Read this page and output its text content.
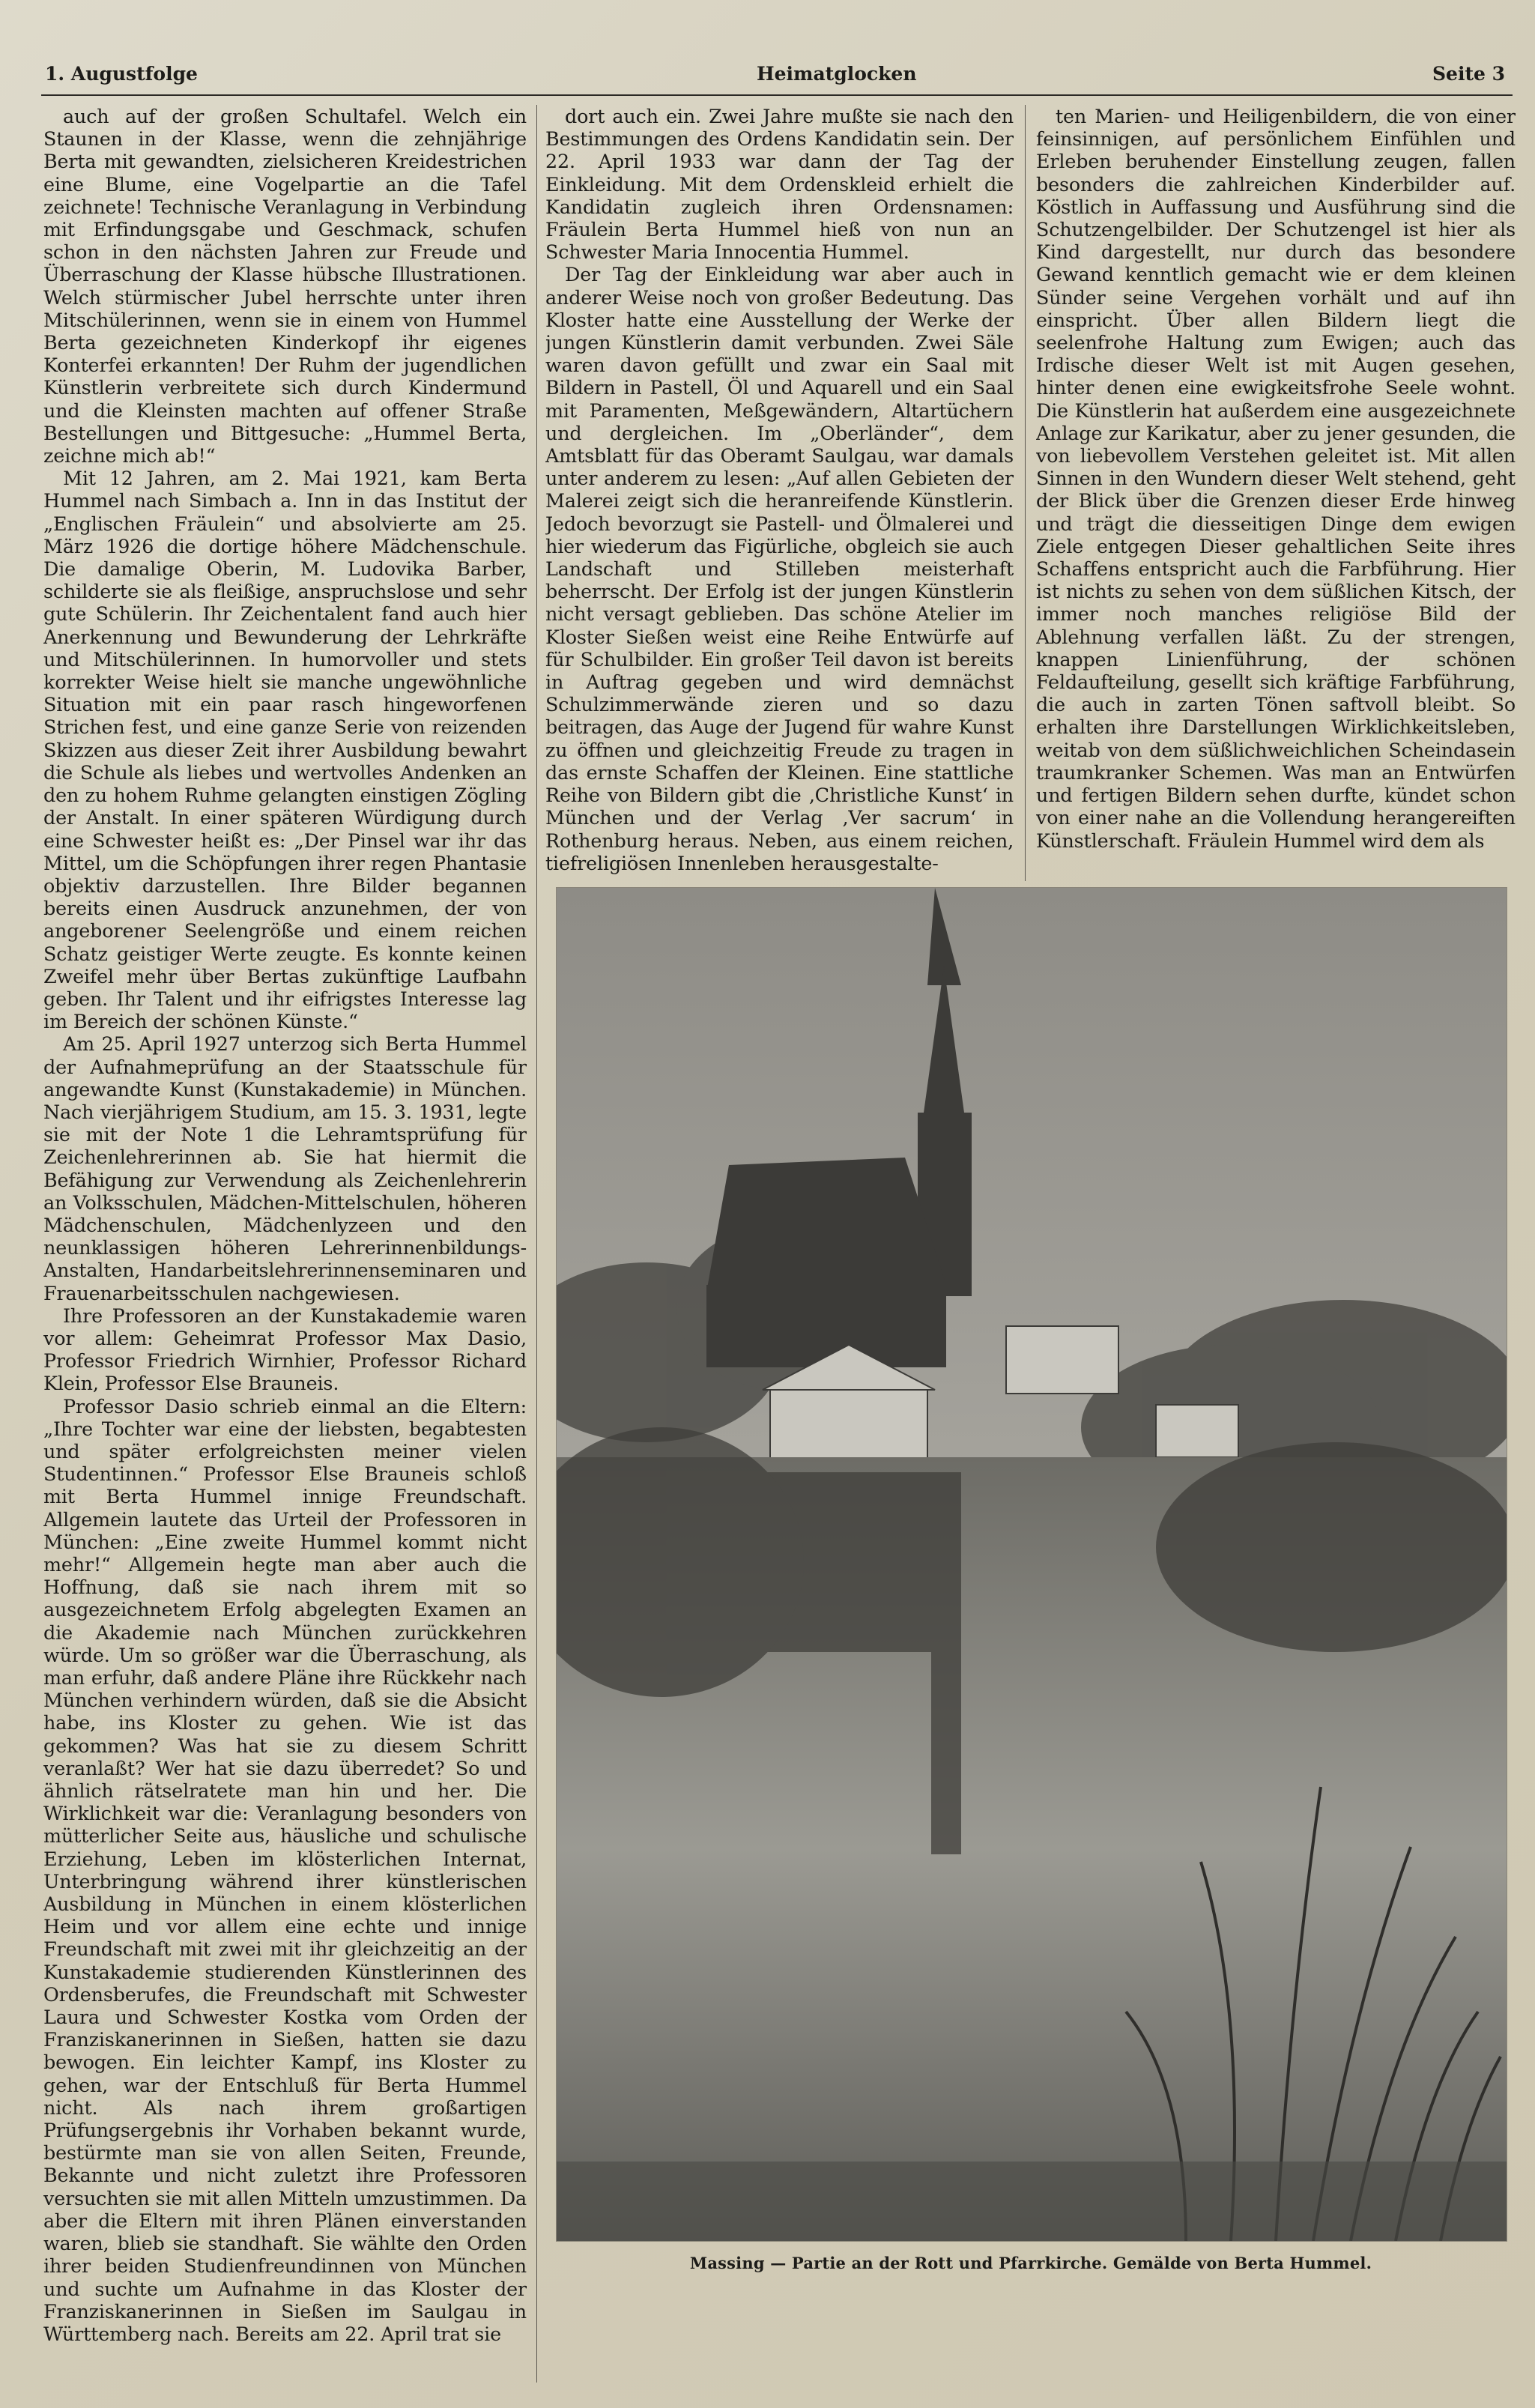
1. Augustfolge	Heimatglocken	Seite 3

auch auf der großen Schultafel. Welch ein Staunen in der Klasse, wenn die zehnjährige Berta mit gewandten, zielsicheren Kreidestrichen eine Blume, eine Vogelpartie an die Tafel zeichnete! Technische Veranlagung in Verbindung mit Erfindungsgabe und Geschmack, schufen schon in den nächsten Jahren zur Freude und Überraschung der Klasse hübsche Illustrationen. Welch stürmischer Jubel herrschte unter ihren Mitschülerinnen, wenn sie in einem von Hummel Berta gezeichneten Kinderkopf ihr eigenes Konterfei erkannten! Der Ruhm der jugendlichen Künstlerin verbreitete sich durch Kindermund und die Kleinsten machten auf offener Straße Bestellungen und Bittgesuche: „Hummel Berta, zeichne mich ab!“

Mit 12 Jahren, am 2. Mai 1921, kam Berta Hummel nach Simbach a. Inn in das Institut der „Englischen Fräulein“ und absolvierte am 25. März 1926 die dortige höhere Mädchenschule. Die damalige Oberin, M. Ludovika Barber, schilderte sie als fleißige, anspruchslose und sehr gute Schülerin. Ihr Zeichentalent fand auch hier Anerkennung und Bewunderung der Lehrkräfte und Mitschülerinnen. In humorvoller und stets korrekter Weise hielt sie manche ungewöhnliche Situation mit ein paar rasch hingeworfenen Strichen fest, und eine ganze Serie von reizenden Skizzen aus dieser Zeit ihrer Ausbildung bewahrt die Schule als liebes und wertvolles Andenken an den zu hohem Ruhme gelangten einstigen Zögling der Anstalt. In einer späteren Würdigung durch eine Schwester heißt es: „Der Pinsel war ihr das Mittel, um die Schöpfungen ihrer regen Phantasie objektiv darzustellen. Ihre Bilder begannen bereits einen Ausdruck anzunehmen, der von angeborener Seelengröße und einem reichen Schatz geistiger Werte zeugte. Es konnte keinen Zweifel mehr über Bertas zukünftige Laufbahn geben. Ihr Talent und ihr eifrigstes Interesse lag im Bereich der schönen Künste.“

Am 25. April 1927 unterzog sich Berta Hummel der Aufnahmeprüfung an der Staatsschule für angewandte Kunst (Kunstakademie) in München. Nach vierjährigem Studium, am 15. 3. 1931, legte sie mit der Note 1 die Lehramtsprüfung für Zeichenlehrerinnen ab. Sie hat hiermit die Befähigung zur Verwendung als Zeichenlehrerin an Volksschulen, Mädchen-Mittelschulen, höheren Mädchenschulen, Mädchenlyzeen und den neunklassigen höheren Lehrerinnenbildungs-Anstalten, Handarbeitslehrerinnenseminaren und Frauenarbeitsschulen nachgewiesen.

Ihre Professoren an der Kunstakademie waren vor allem: Geheimrat Professor Max Dasio, Professor Friedrich Wirnhier, Professor Richard Klein, Professor Else Brauneis.

Professor Dasio schrieb einmal an die Eltern: „Ihre Tochter war eine der liebsten, begabtesten und später erfolgreichsten meiner vielen Studentinnen.“ Professor Else Brauneis schloß mit Berta Hummel innige Freundschaft. Allgemein lautete das Urteil der Professoren in München: „Eine zweite Hummel kommt nicht mehr!“ Allgemein hegte man aber auch die Hoffnung, daß sie nach ihrem mit so ausgezeichnetem Erfolg abgelegten Examen an die Akademie nach München zurückkehren würde. Um so größer war die Überraschung, als man erfuhr, daß andere Pläne ihre Rückkehr nach München verhindern würden, daß sie die Absicht habe, ins Kloster zu gehen. Wie ist das gekommen? Was hat sie zu diesem Schritt veranlaßt? Wer hat sie dazu überredet? So und ähnlich rätselratete man hin und her. Die Wirklichkeit war die: Veranlagung besonders von mütterlicher Seite aus, häusliche und schulische Erziehung, Leben im klösterlichen Internat, Unterbringung während ihrer künstlerischen Ausbildung in München in einem klösterlichen Heim und vor allem eine echte und innige Freundschaft mit zwei mit ihr gleichzeitig an der Kunstakademie studierenden Künstlerinnen des Ordensberufes, die Freundschaft mit Schwester Laura und Schwester Kostka vom Orden der Franziskanerinnen in Sießen, hatten sie dazu bewogen. Ein leichter Kampf, ins Kloster zu gehen, war der Entschluß für Berta Hummel nicht. Als nach ihrem großartigen Prüfungsergebnis ihr Vorhaben bekannt wurde, bestürmte man sie von allen Seiten, Freunde, Bekannte und nicht zuletzt ihre Professoren versuchten sie mit allen Mitteln umzustimmen. Da aber die Eltern mit ihren Plänen einverstanden waren, blieb sie standhaft. Sie wählte den Orden ihrer beiden Studienfreundinnen von München und suchte um Aufnahme in das Kloster der Franziskanerinnen in Sießen im Saulgau in Württemberg nach. Bereits am 22. April trat sie

dort auch ein. Zwei Jahre mußte sie nach den Bestimmungen des Ordens Kandidatin sein. Der 22. April 1933 war dann der Tag der Einkleidung. Mit dem Ordenskleid erhielt die Kandidatin zugleich ihren Ordensnamen: Fräulein Berta Hummel hieß von nun an Schwester Maria Innocentia Hummel.

Der Tag der Einkleidung war aber auch in anderer Weise noch von großer Bedeutung. Das Kloster hatte eine Ausstellung der Werke der jungen Künstlerin damit verbunden. Zwei Säle waren davon gefüllt und zwar ein Saal mit Bildern in Pastell, Öl und Aquarell und ein Saal mit Paramenten, Meßgewändern, Altartüchern und dergleichen. Im „Oberländer“, dem Amtsblatt für das Oberamt Saulgau, war damals unter anderem zu lesen: „Auf allen Gebieten der Malerei zeigt sich die heranreifende Künstlerin. Jedoch bevorzugt sie Pastell- und Ölmalerei und hier wiederum das Figürliche, obgleich sie auch Landschaft und Stilleben meisterhaft beherrscht. Der Erfolg ist der jungen Künstlerin nicht versagt geblieben. Das schöne Atelier im Kloster Sießen weist eine Reihe Entwürfe auf für Schulbilder. Ein großer Teil davon ist bereits in Auftrag gegeben und wird demnächst Schulzimmerwände zieren und so dazu beitragen, das Auge der Jugend für wahre Kunst zu öffnen und gleichzeitig Freude zu tragen in das ernste Schaffen der Kleinen. Eine stattliche Reihe von Bildern gibt die ‚Christliche Kunst‘ in München und der Verlag ‚Ver sacrum‘ in Rothenburg heraus. Neben, aus einem reichen, tiefreligiösen Innenleben herausgestalte-

ten Marien- und Heiligenbildern, die von einer feinsinnigen, auf persönlichem Einfühlen und Erleben beruhender Einstellung zeugen, fallen besonders die zahlreichen Kinderbilder auf. Köstlich in Auffassung und Ausführung sind die Schutzengelbilder. Der Schutzengel ist hier als Kind dargestellt, nur durch das besondere Gewand kenntlich gemacht wie er dem kleinen Sünder seine Vergehen vorhält und auf ihn einspricht. Über allen Bildern liegt die seelenfrohe Haltung zum Ewigen; auch das Irdische dieser Welt ist mit Augen gesehen, hinter denen eine ewigkeitsfrohe Seele wohnt. Die Künstlerin hat außerdem eine ausgezeichnete Anlage zur Karikatur, aber zu jener gesunden, die von liebevollem Verstehen geleitet ist. Mit allen Sinnen in den Wundern dieser Welt stehend, geht der Blick über die Grenzen dieser Erde hinweg und trägt die diesseitigen Dinge dem ewigen Ziele entgegen Dieser gehaltlichen Seite ihres Schaffens entspricht auch die Farbführung. Hier ist nichts zu sehen von dem süßlichen Kitsch, der immer noch manches religiöse Bild der Ablehnung verfallen läßt. Zu der strengen, knappen Linienführung, der schönen Feldaufteilung, gesellt sich kräftige Farbführung, die auch in zarten Tönen saftvoll bleibt. So erhalten ihre Darstellungen Wirklichkeitsleben, weitab von dem süßlichweichlichen Scheindasein traumkranker Schemen. Was man an Entwürfen und fertigen Bildern sehen durfte, kündet schon von einer nahe an die Vollendung herangereiften Künstlerschaft. Fräulein Hummel wird dem als

Massing — Partie an der Rott und Pfarrkirche. Gemälde von Berta Hummel.
